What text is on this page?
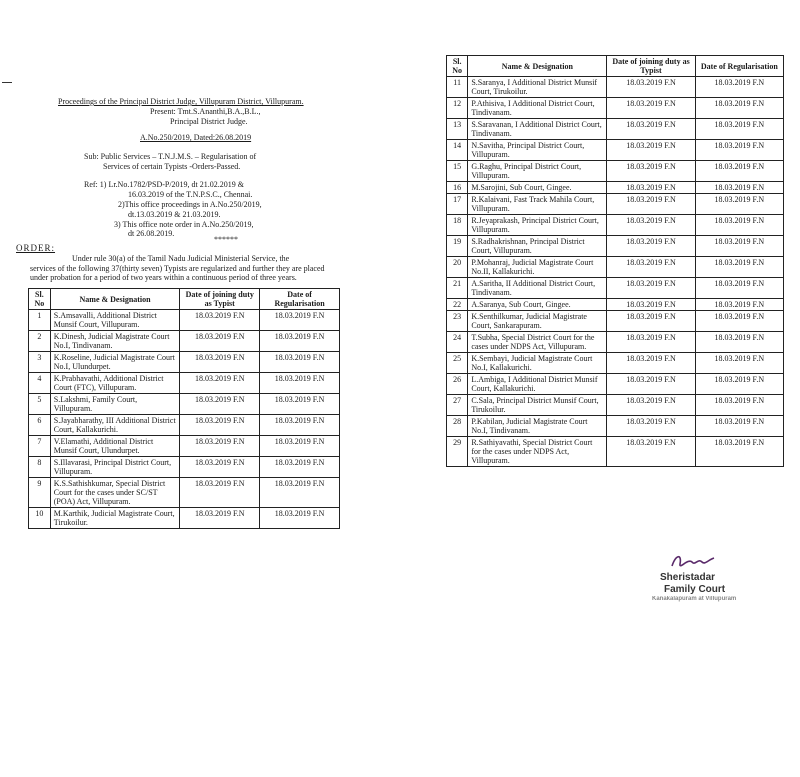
Proceedings of the Principal District Judge, Villupuram District, Villupuram.
Present: Tmt.S.Ananthi,B.A.,B.L.,
Principal District Judge.
A.No.250/2019, Dated:26.08.2019
Sub: Public Services – T.N.J.M.S. – Regularisation of
Services of certain Typists -Orders-Passed.
Ref: 1) Lr.No.1782/PSD-P/2019, dt 21.02.2019 &
16.03.2019 of the T.N.P.S.C., Chennai.
2)This office proceedings in A.No.250/2019,
dt.13.03.2019 & 21.03.2019.
3) This office note order in A.No.250/2019,
dt 26.08.2019.
******
ORDER:
Under rule 30(a) of the Tamil Nadu Judicial Ministerial Service, the
services of the following 37(thirty seven) Typists are regularized and further they are placed
under probation for a period of two years within a continuous period of three years.
Sl. No	Name & Designation	Date of joining duty as Typist	Date of Regularisation
1	S.Amsavalli, Additional District Munsif Court, Villupuram.	18.03.2019 F.N	18.03.2019 F.N
2	K.Dinesh, Judicial Magistrate Court No.I, Tindivanam.	18.03.2019 F.N	18.03.2019 F.N
3	K.Roseline, Judicial Magistrate Court No.I, Ulundurpet.	18.03.2019 F.N	18.03.2019 F.N
4	K.Prabhavathi, Additional District Court (FTC), Villupuram.	18.03.2019 F.N	18.03.2019 F.N
5	S.Lakshmi, Family Court, Villupuram.	18.03.2019 F.N	18.03.2019 F.N
6	S.Jayabharathy, III Additional District Court, Kallakurichi.	18.03.2019 F.N	18.03.2019 F.N
7	V.Elamathi, Additional District Munsif Court, Ulundurpet.	18.03.2019 F.N	18.03.2019 F.N
8	S.Illavarasi, Principal District Court, Villupuram.	18.03.2019 F.N	18.03.2019 F.N
9	K.S.Sathishkumar, Special District Court for the cases under SC/ST (POA) Act, Villupuram.	18.03.2019 F.N	18.03.2019 F.N
10	M.Karthik, Judicial Magistrate Court, Tirukoilur.	18.03.2019 F.N	18.03.2019 F.N
Sl. No	Name & Designation	Date of joining duty as Typist	Date of Regularisation
11	S.Saranya, I Additional District Munsif Court, Tirukoilur.	18.03.2019 F.N	18.03.2019 F.N
12	P.Athisiva, I Additional District Court, Tindivanam.	18.03.2019 F.N	18.03.2019 F.N
13	S.Saravanan, I Additional District Court, Tindivanam.	18.03.2019 F.N	18.03.2019 F.N
14	N.Savitha, Principal District Court, Villupuram.	18.03.2019 F.N	18.03.2019 F.N
15	G.Raghu, Principal District Court, Villupuram.	18.03.2019 F.N	18.03.2019 F.N
16	M.Sarojini, Sub Court, Gingee.	18.03.2019 F.N	18.03.2019 F.N
17	R.Kalaivani, Fast Track Mahila Court, Villupuram.	18.03.2019 F.N	18.03.2019 F.N
18	R.Jeyaprakash, Principal District Court, Villupuram.	18.03.2019 F.N	18.03.2019 F.N
19	S.Radhakrishnan, Principal District Court, Villupuram.	18.03.2019 F.N	18.03.2019 F.N
20	P.Mohanraj, Judicial Magistrate Court No.II, Kallakurichi.	18.03.2019 F.N	18.03.2019 F.N
21	A.Saritha, II Additional District Court, Tindivanam.	18.03.2019 F.N	18.03.2019 F.N
22	A.Saranya, Sub Court, Gingee.	18.03.2019 F.N	18.03.2019 F.N
23	K.Senthilkumar, Judicial Magistrate Court, Sankarapuram.	18.03.2019 F.N	18.03.2019 F.N
24	T.Subha, Special District Court for the cases under NDPS Act, Villupuram.	18.03.2019 F.N	18.03.2019 F.N
25	K.Sembayi, Judicial Magistrate Court No.I, Kallakurichi.	18.03.2019 F.N	18.03.2019 F.N
26	L.Ambiga, I Additional District Munsif Court, Kallakurichi.	18.03.2019 F.N	18.03.2019 F.N
27	C.Sala, Principal District Munsif Court, Tirukoilur.	18.03.2019 F.N	18.03.2019 F.N
28	P.Kabilan, Judicial Magistrate Court No.I, Tindivanam.	18.03.2019 F.N	18.03.2019 F.N
29	R.Sathiyavathi, Special District Court for the cases under NDPS Act, Villupuram.	18.03.2019 F.N	18.03.2019 F.N
Sheristadar
Family Court
Kanakalapuram at Villupuram
